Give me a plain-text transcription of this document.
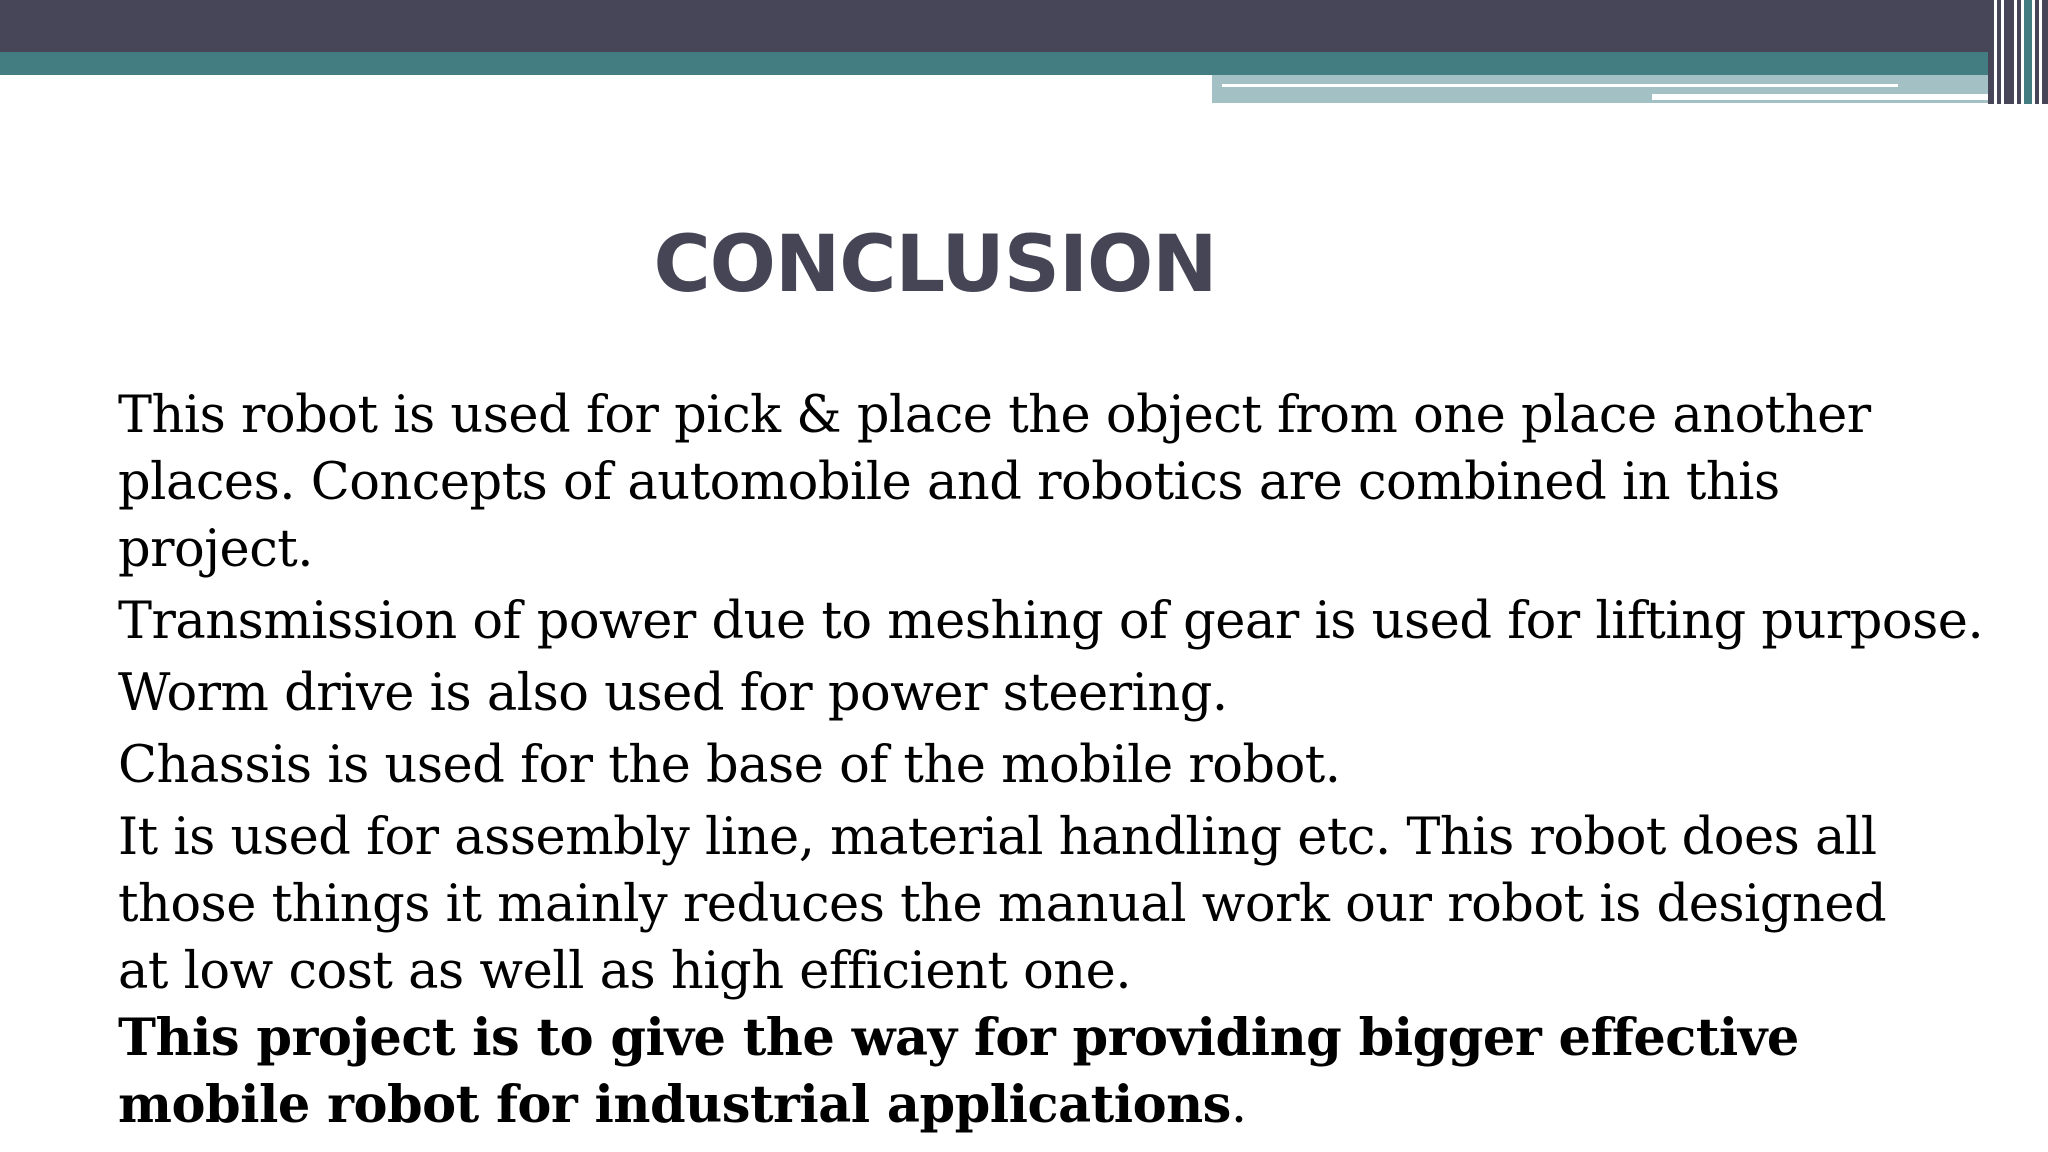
CONCLUSION
This robot is used for pick & place the object from one place another places. Concepts of automobile and robotics are combined in this project.
Transmission of power due to meshing of gear is used for lifting purpose.
Worm drive is also used for power steering.
Chassis is used for the base of the mobile robot.
It is used for assembly line, material handling etc. This robot does all those things it mainly reduces the manual work our robot is designed at low cost as well as high efficient one.
This project is to give the way for providing bigger effective mobile robot for industrial applications.
